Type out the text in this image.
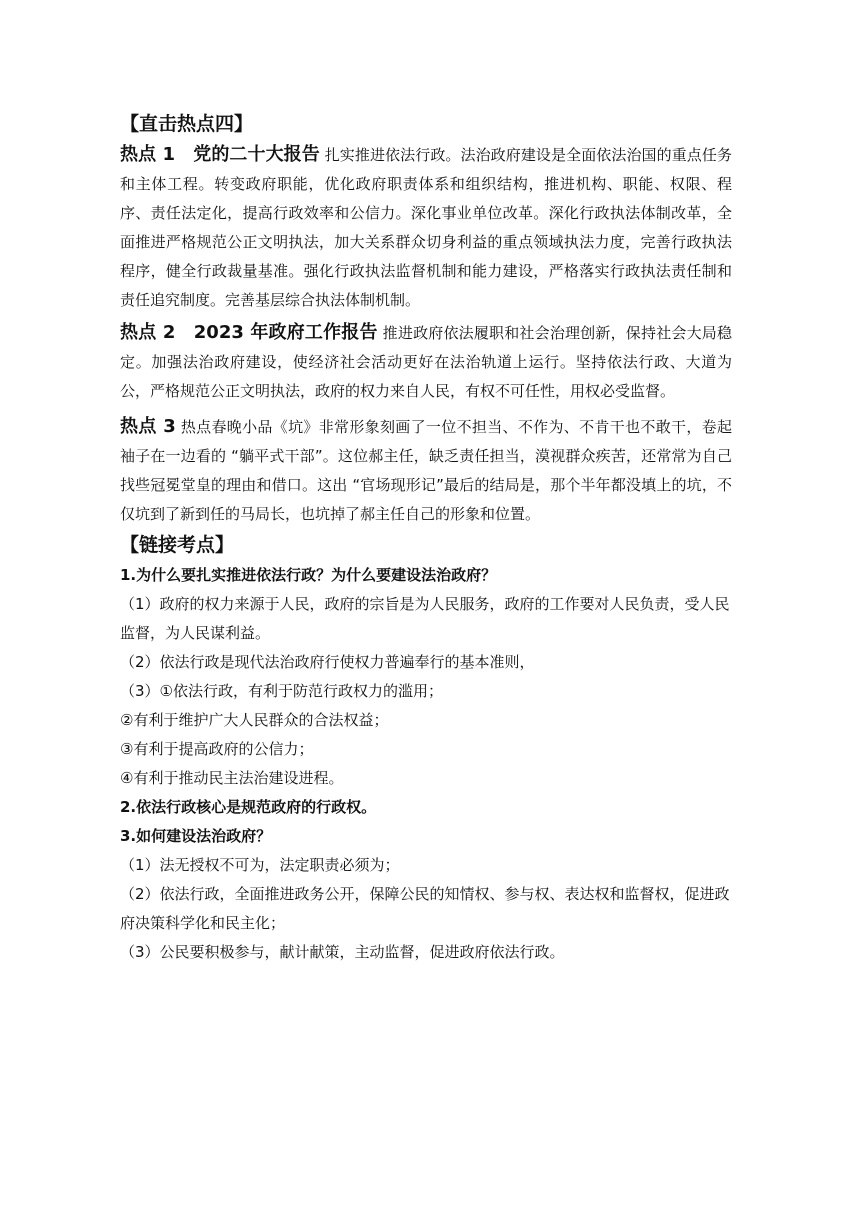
【直击热点四】

热点 1　党的二十大报告 扎实推进依法行政。法治政府建设是全面依法治国的重点任务和主体工程。转变政府职能，优化政府职责体系和组织结构，推进机构、职能、权限、程序、责任法定化，提高行政效率和公信力。深化事业单位改革。深化行政执法体制改革，全面推进严格规范公正文明执法，加大关系群众切身利益的重点领域执法力度，完善行政执法程序，健全行政裁量基准。强化行政执法监督机制和能力建设，严格落实行政执法责任制和责任追究制度。完善基层综合执法体制机制。

热点 2　2023 年政府工作报告 推进政府依法履职和社会治理创新，保持社会大局稳定。加强法治政府建设，使经济社会活动更好在法治轨道上运行。坚持依法行政、大道为公，严格规范公正文明执法，政府的权力来自人民，有权不可任性，用权必受监督。

热点 3 热点春晚小品《坑》非常形象刻画了一位不担当、不作为、不肯干也不敢干，卷起袖子在一边看的 “躺平式干部”。这位郝主任，缺乏责任担当，漠视群众疾苦，还常常为自己找些冠冕堂皇的理由和借口。这出 “官场现形记”最后的结局是，那个半年都没填上的坑，不仅坑到了新到任的马局长，也坑掉了郝主任自己的形象和位置。

【链接考点】

1.为什么要扎实推进依法行政？为什么要建设法治政府？

（1）政府的权力来源于人民，政府的宗旨是为人民服务，政府的工作要对人民负责，受人民监督，为人民谋利益。

（2）依法行政是现代法治政府行使权力普遍奉行的基本准则，

（3）①依法行政，有利于防范行政权力的滥用；

②有利于维护广大人民群众的合法权益；

③有利于提高政府的公信力；

④有利于推动民主法治建设进程。

2.依法行政核心是规范政府的行政权。

3.如何建设法治政府？

（1）法无授权不可为，法定职责必须为；

（2）依法行政，全面推进政务公开，保障公民的知情权、参与权、表达权和监督权，促进政府决策科学化和民主化；

（3）公民要积极参与，献计献策，主动监督，促进政府依法行政。
